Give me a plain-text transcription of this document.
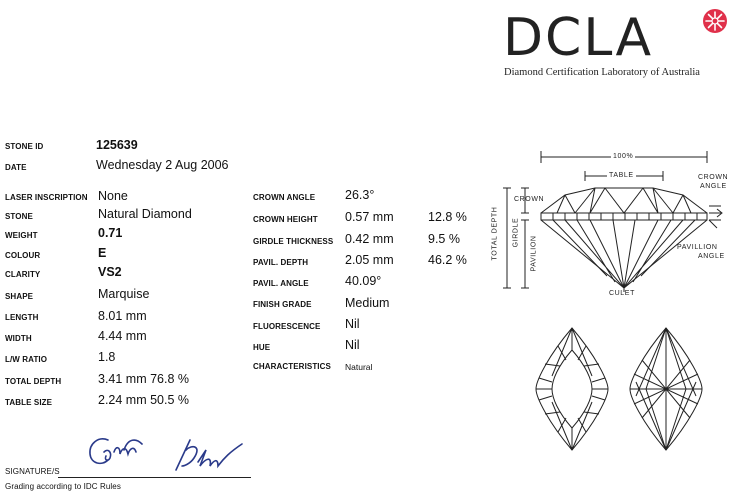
DCLA
Diamond Certification Laboratory of Australia
STONE ID	125639
DATE	Wednesday 2 Aug 2006
LASER INSCRIPTION None
STONE	Natural Diamond
WEIGHT	0.71
COLOUR	E
CLARITY	VS2
SHAPE	Marquise
LENGTH	8.01 mm
WIDTH	4.44 mm
L/W RATIO	1.8
TOTAL DEPTH	3.41 mm 76.8 %
TABLE SIZE	2.24 mm 50.5 %
CROWN ANGLE 26.3°
CROWN HEIGHT 0.57 mm	12.8 %
GIRDLE THICKNESS 0.42 mm	9.5 %
PAVIL. DEPTH	2.05 mm	46.2 %
PAVIL. ANGLE	40.09°
FINISH GRADE	Medium
FLUORESCENCE Nil
HUE	Nil
CHARACTERISTICS Natural
100%
TABLE
CROWN
CROWN
ANGLE
PAVILLION
ANGLE
CULET
TOTAL DEPTH GIRDLE
PAVILION
SIGNATURE/S
Grading according to IDC Rules
